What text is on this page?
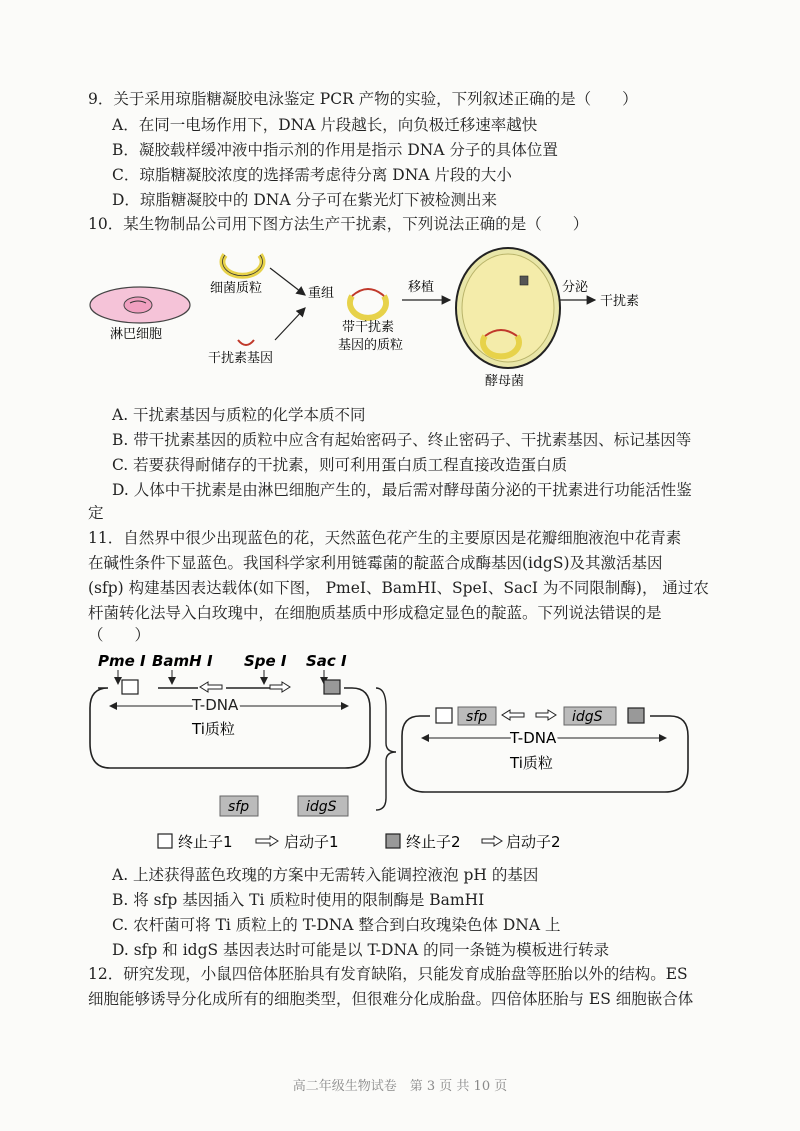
9．关于采用琼脂糖凝胶电泳鉴定 PCR 产物的实验，下列叙述正确的是（　　）
A．在同一电场作用下，DNA 片段越长，向负极迁移速率越快
B．凝胶载样缓冲液中指示剂的作用是指示 DNA 分子的具体位置
C．琼脂糖凝胶浓度的选择需考虑待分离 DNA 片段的大小
D．琼脂糖凝胶中的 DNA 分子可在紫光灯下被检测出来
10．某生物制品公司用下图方法生产干扰素，下列说法正确的是（　　）
淋巴细胞
细菌质粒
干扰素基因
重组
带干扰素
基因的质粒
移植
酵母菌
分泌
干扰素
A. 干扰素基因与质粒的化学本质不同
B. 带干扰素基因的质粒中应含有起始密码子、终止密码子、干扰素基因、标记基因等
C. 若要获得耐储存的干扰素，则可利用蛋白质工程直接改造蛋白质
D. 人体中干扰素是由淋巴细胞产生的，最后需对酵母菌分泌的干扰素进行功能活性鉴
定
11．自然界中很少出现蓝色的花，天然蓝色花产生的主要原因是花瓣细胞液泡中花青素
在碱性条件下显蓝色。我国科学家利用链霉菌的靛蓝合成酶基因(idgS)及其激活基因
(sfp) 构建基因表达载体(如下图， PmeI、BamHI、SpeI、SacI 为不同限制酶)， 通过农
杆菌转化法导入白玫瑰中，在细胞质基质中形成稳定显色的靛蓝。下列说法错误的是
（　　）
Pme I BamH I Spe I Sac I
T-DNA
Ti质粒
sfp	idgS
sfp	idgS
T-DNA
Ti质粒
终止子1	启动子1	终止子2	启动子2
A. 上述获得蓝色玫瑰的方案中无需转入能调控液泡 pH 的基因
B. 将 sfp 基因插入 Ti 质粒时使用的限制酶是 BamHI
C. 农杆菌可将 Ti 质粒上的 T-DNA 整合到白玫瑰染色体 DNA 上
D. sfp 和 idgS 基因表达时可能是以 T-DNA 的同一条链为模板进行转录
12．研究发现，小鼠四倍体胚胎具有发育缺陷，只能发育成胎盘等胚胎以外的结构。ES
细胞能够诱导分化成所有的细胞类型，但很难分化成胎盘。四倍体胚胎与 ES 细胞嵌合体
高二年级生物试卷　第 3 页 共 10 页
